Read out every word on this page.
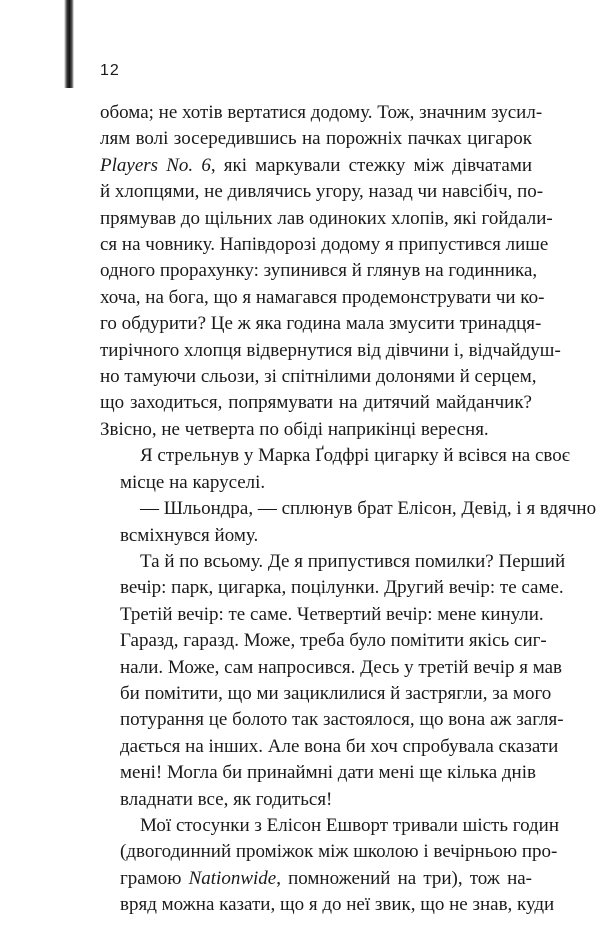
12
обома; не хотів вертатися додому. Тож, значним зусил-
лям волі зосередившись на порожніх пачках цигарок
Players No. 6, які маркували стежку між дівчатами
й хлопцями, не дивлячись угору, назад чи навсібіч, по-
прямував до щільних лав одиноких хлопів, які гойдали-
ся на човнику. Напівдорозі додому я припустився лише
одного прорахунку: зупинився й глянув на годинника,
хоча, на бога, що я намагався продемонструвати чи ко-
го обдурити? Це ж яка година мала змусити тринадця-
тирічного хлопця відвернутися від дівчини і, відчайдуш-
но тамуючи сльози, зі спітнілими долонями й серцем,
що заходиться, попрямувати на дитячий майданчик?
Звісно, не четверта по обіді наприкінці вересня.
Я стрельнув у Марка Ґодфрі цигарку й всівся на своє
місце на каруселі.
— Шльондра, — сплюнув брат Елісон, Девід, і я вдячно
всміхнувся йому.
Та й по всьому. Де я припустився помилки? Перший
вечір: парк, цигарка, поцілунки. Другий вечір: те саме.
Третій вечір: те саме. Четвертий вечір: мене кинули.
Гаразд, гаразд. Може, треба було помітити якісь сиг-
нали. Може, сам напросився. Десь у третій вечір я мав
би помітити, що ми зациклилися й застрягли, за мого
потурання це болото так застоялося, що вона аж загля-
дається на інших. Але вона би хоч спробувала сказати
мені! Могла би принаймні дати мені ще кілька днів
владнати все, як годиться!
Мої стосунки з Елісон Ешворт тривали шість годин
(двогодинний проміжок між школою і вечірньою про-
грамою Nationwide, помножений на три), тож на-
вряд можна казати, що я до неї звик, що не знав, куди
